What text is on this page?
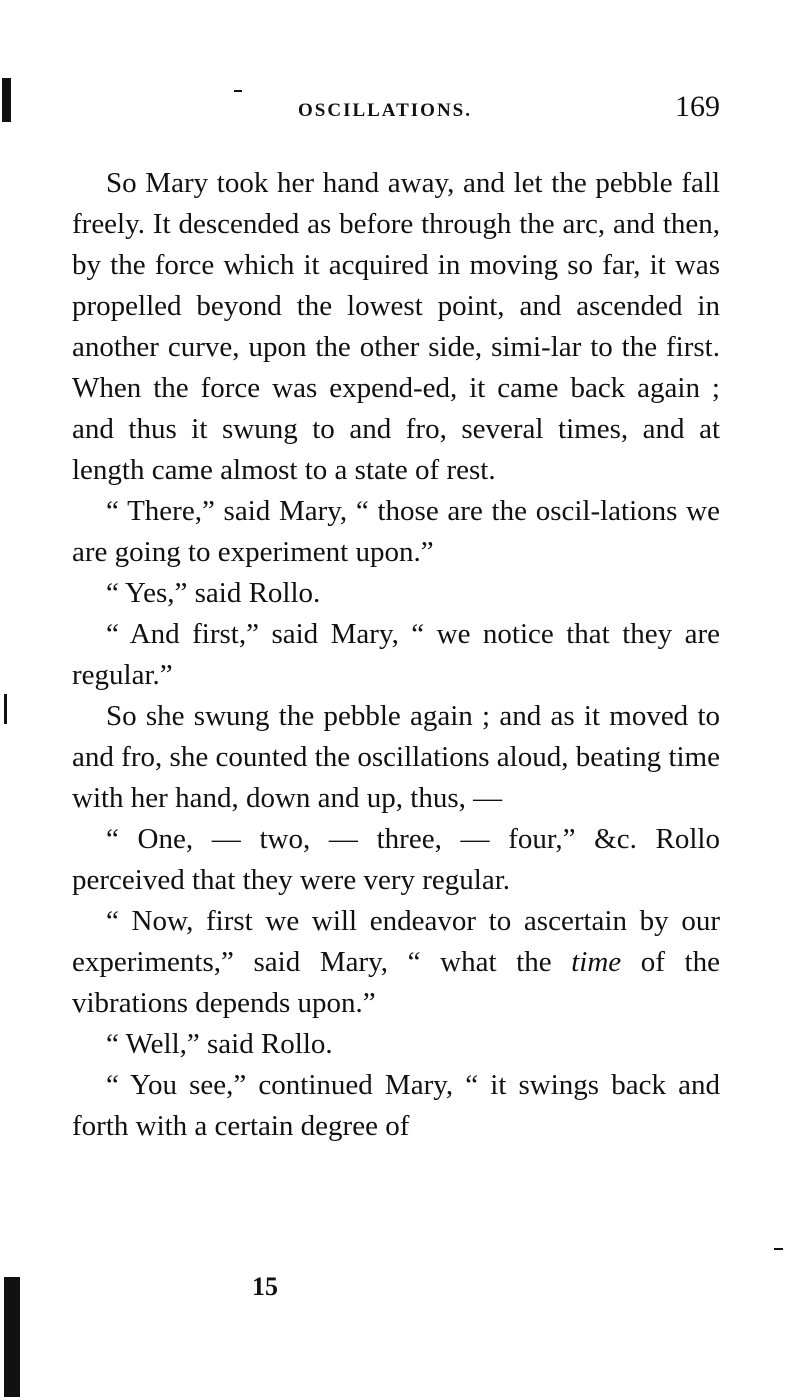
OSCILLATIONS.	169

So Mary took her hand away, and let the pebble fall freely. It descended as before through the arc, and then, by the force which it acquired in moving so far, it was propelled beyond the lowest point, and ascended in another curve, upon the other side, simi-lar to the first. When the force was expend-ed, it came back again ; and thus it swung to and fro, several times, and at length came almost to a state of rest.

“ There,” said Mary, “ those are the oscil-lations we are going to experiment upon.”

“ Yes,” said Rollo.

“ And first,” said Mary, “ we notice that they are regular.”

So she swung the pebble again ; and as it moved to and fro, she counted the oscillations aloud, beating time with her hand, down and up, thus, —

“ One, — two, — three, — four,” &c. Rollo perceived that they were very regular.

“ Now, first we will endeavor to ascertain by our experiments,” said Mary, “ what the time of the vibrations depends upon.”

“ Well,” said Rollo.

“ You see,” continued Mary, “ it swings back and forth with a certain degree of

15
